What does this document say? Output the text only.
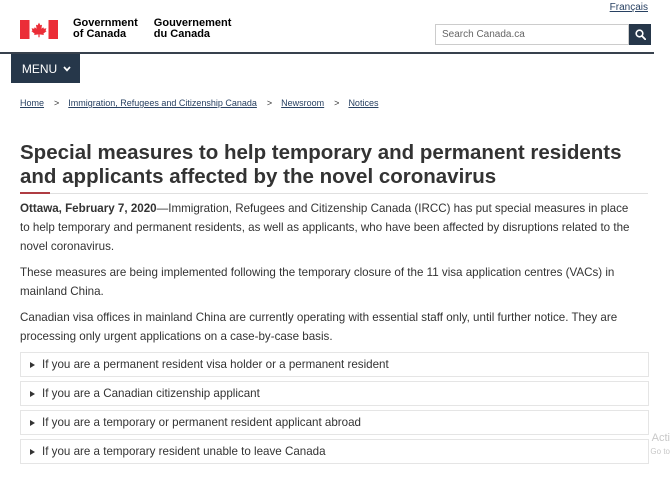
Français
Government
of Canada
Gouvernement
du Canada
Search Canada.ca
MENU
Home > Immigration, Refugees and Citizenship Canada > Newsroom > Notices
Special measures to help temporary and permanent residents and applicants affected by the novel coronavirus

Ottawa, February 7, 2020—Immigration, Refugees and Citizenship Canada (IRCC) has put special measures in place to help temporary and permanent residents, as well as applicants, who have been affected by disruptions related to the novel coronavirus.

These measures are being implemented following the temporary closure of the 11 visa application centres (VACs) in mainland China.

Canadian visa offices in mainland China are currently operating with essential staff only, until further notice. They are processing only urgent applications on a case-by-case basis.

If you are a permanent resident visa holder or a permanent resident
If you are a Canadian citizenship applicant
If you are a temporary or permanent resident applicant abroad
If you are a temporary resident unable to leave Canada
Acti
Go to
